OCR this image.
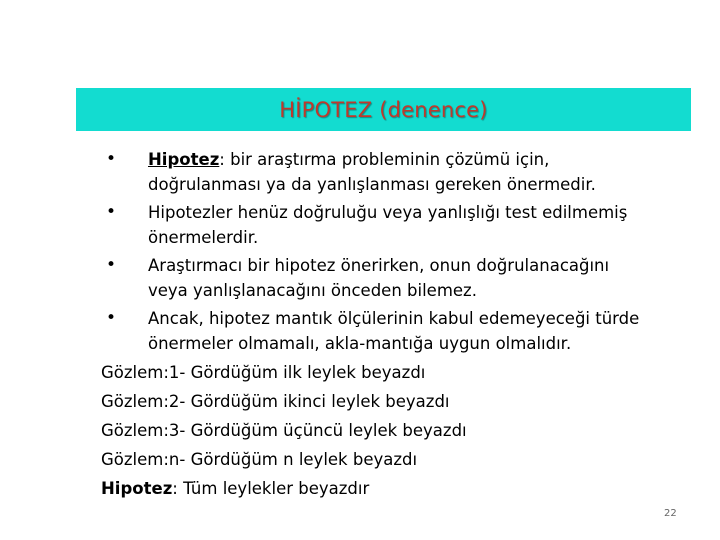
HİPOTEZ (denence)
• Hipotez: bir araştırma probleminin çözümü için,
doğrulanması ya da yanlışlanması gereken önermedir.
• Hipotezler henüz doğruluğu veya yanlışlığı test edilmemiş
önermelerdir.
• Araştırmacı bir hipotez önerirken, onun doğrulanacağını
veya yanlışlanacağını önceden bilemez.
• Ancak, hipotez mantık ölçülerinin kabul edemeyeceği türde
önermeler olmamalı, akla-mantığa uygun olmalıdır.
Gözlem:1- Gördüğüm ilk leylek beyazdı
Gözlem:2- Gördüğüm ikinci leylek beyazdı
Gözlem:3- Gördüğüm üçüncü leylek beyazdı
Gözlem:n- Gördüğüm n leylek beyazdı
Hipotez: Tüm leylekler beyazdır
22
